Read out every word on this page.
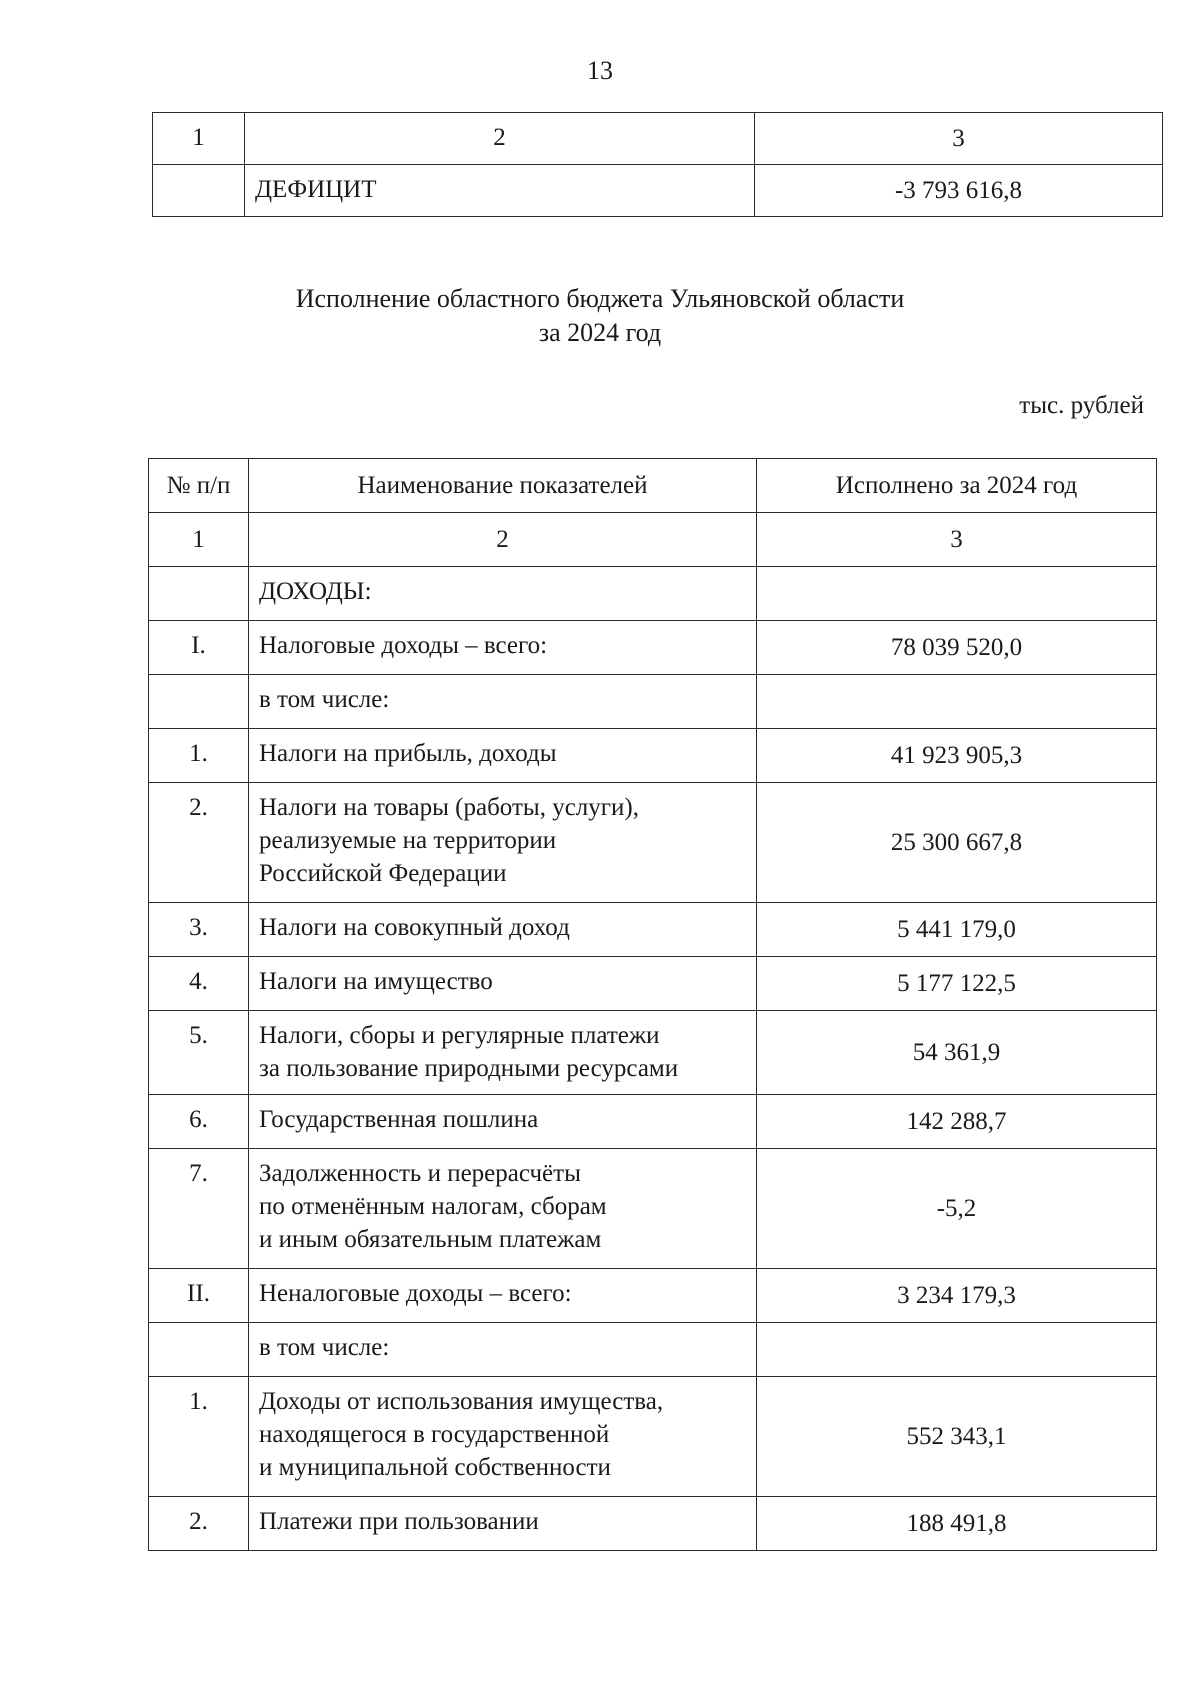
13
1	2	3
	ДЕФИЦИТ	-3 793 616,8
Исполнение областного бюджета Ульяновской области
за 2024 год
тыс. рублей
№ п/п	Наименование показателей	Исполнено за 2024 год
1	2	3
	ДОХОДЫ:	
I.	Налоговые доходы – всего:	78 039 520,0
	в том числе:	
1.	Налоги на прибыль, доходы	41 923 905,3
2.	Налоги на товары (работы, услуги),
реализуемые на территории
Российской Федерации	25 300 667,8
3.	Налоги на совокупный доход	5 441 179,0
4.	Налоги на имущество	5 177 122,5
5.	Налоги, сборы и регулярные платежи
за пользование природными ресурсами	54 361,9
6.	Государственная пошлина	142 288,7
7.	Задолженность и перерасчёты
по отменённым налогам, сборам
и иным обязательным платежам	-5,2
II.	Неналоговые доходы – всего:	3 234 179,3
	в том числе:	
1.	Доходы от использования имущества,
находящегося в государственной
и муниципальной собственности	552 343,1
2.	Платежи при пользовании	188 491,8
